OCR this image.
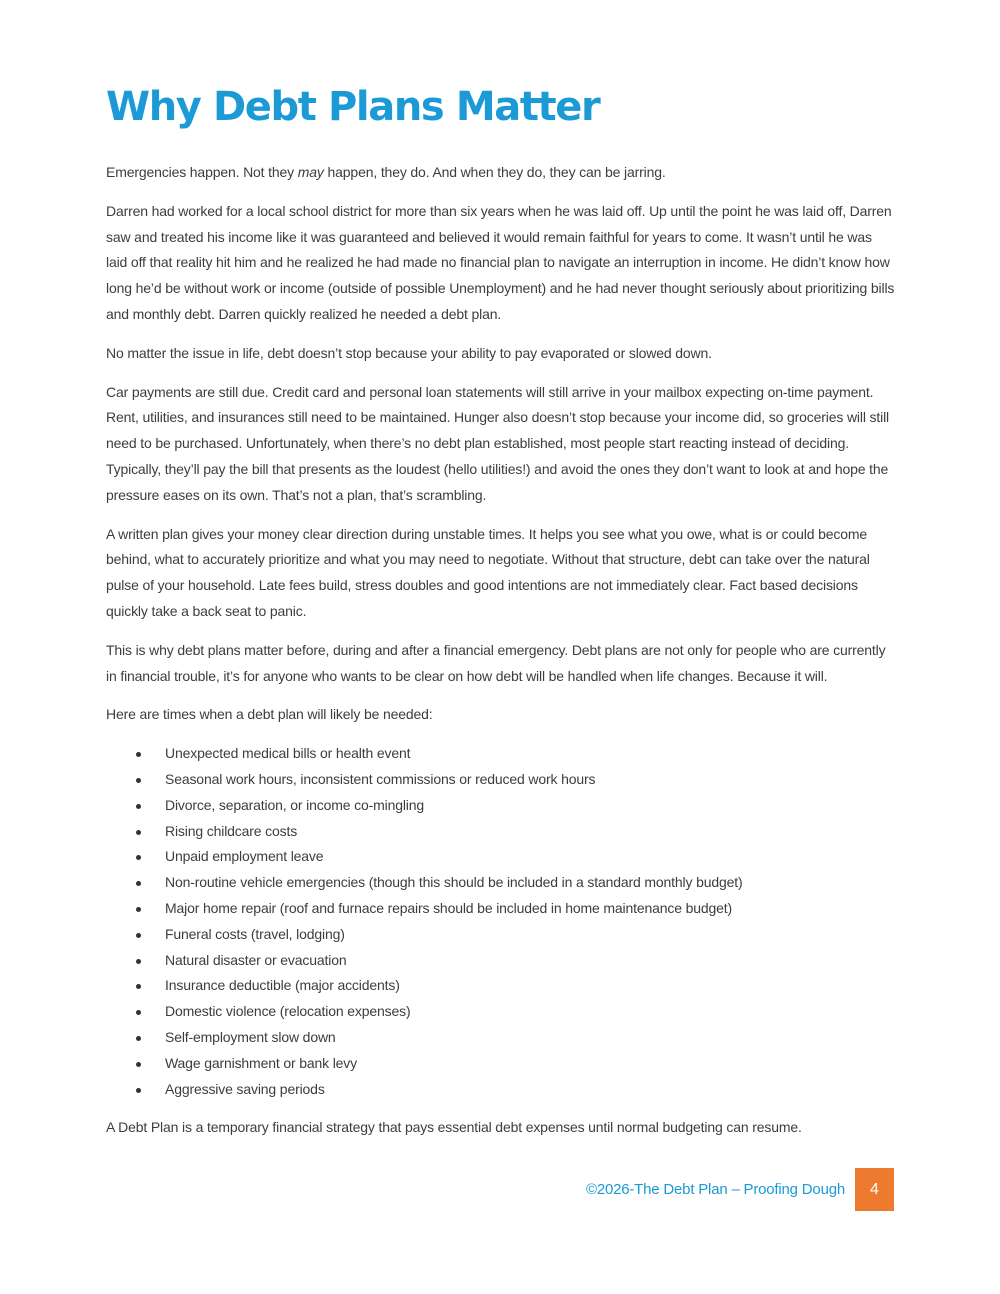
Why Debt Plans Matter

Emergencies happen. Not they may happen, they do. And when they do, they can be jarring.

Darren had worked for a local school district for more than six years when he was laid off. Up until the point he was laid off, Darren saw and treated his income like it was guaranteed and believed it would remain faithful for years to come. It wasn’t until he was laid off that reality hit him and he realized he had made no financial plan to navigate an interruption in income. He didn’t know how long he’d be without work or income (outside of possible Unemployment) and he had never thought seriously about prioritizing bills and monthly debt. Darren quickly realized he needed a debt plan.

No matter the issue in life, debt doesn’t stop because your ability to pay evaporated or slowed down.

Car payments are still due. Credit card and personal loan statements will still arrive in your mailbox expecting on-time payment. Rent, utilities, and insurances still need to be maintained. Hunger also doesn’t stop because your income did, so groceries will still need to be purchased. Unfortunately, when there’s no debt plan established, most people start reacting instead of deciding. Typically, they’ll pay the bill that presents as the loudest (hello utilities!) and avoid the ones they don’t want to look at and hope the pressure eases on its own. That’s not a plan, that’s scrambling.

A written plan gives your money clear direction during unstable times. It helps you see what you owe, what is or could become behind, what to accurately prioritize and what you may need to negotiate. Without that structure, debt can take over the natural pulse of your household. Late fees build, stress doubles and good intentions are not immediately clear. Fact based decisions quickly take a back seat to panic.

This is why debt plans matter before, during and after a financial emergency. Debt plans are not only for people who are currently in financial trouble, it’s for anyone who wants to be clear on how debt will be handled when life changes. Because it will.

Here are times when a debt plan will likely be needed:

Unexpected medical bills or health event
Seasonal work hours, inconsistent commissions or reduced work hours
Divorce, separation, or income co-mingling
Rising childcare costs
Unpaid employment leave
Non-routine vehicle emergencies (though this should be included in a standard monthly budget)
Major home repair (roof and furnace repairs should be included in home maintenance budget)
Funeral costs (travel, lodging)
Natural disaster or evacuation
Insurance deductible (major accidents)
Domestic violence (relocation expenses)
Self-employment slow down
Wage garnishment or bank levy
Aggressive saving periods

A Debt Plan is a temporary financial strategy that pays essential debt expenses until normal budgeting can resume.

©2026-The Debt Plan – Proofing Dough	4
